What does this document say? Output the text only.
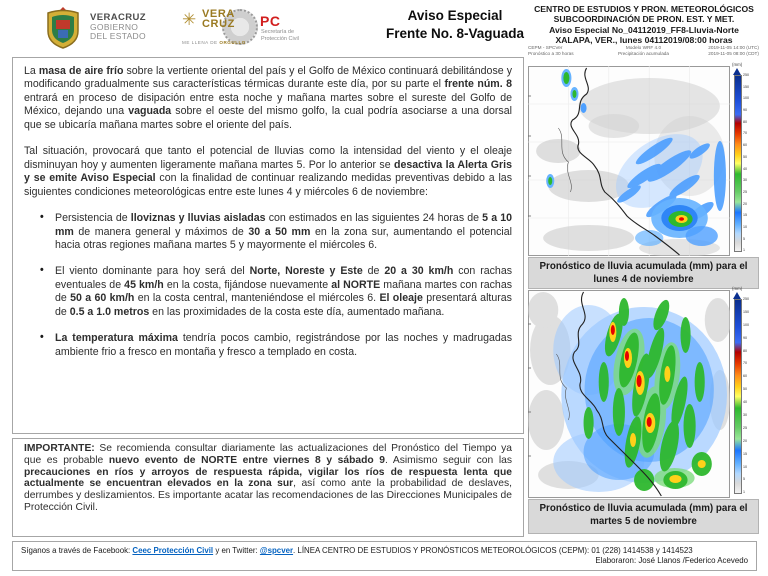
VERACRUZ
GOBIERNO
DEL ESTADO
PC
Secretaría de
Protección Civil
✳ VERA
CRUZ
ME LLENA DE ORGULLO
Aviso Especial
Frente No. 8-Vaguada
CENTRO DE ESTUDIOS Y PRON. METEOROLÓGICOS
SUBCOORDINACIÓN DE PRON. EST. Y MET.
Aviso Especial No_04112019_FF8-Lluvia-Norte
XALAPA, VER., lunes 04112019/08:00 horas

La masa de aire frío sobre la vertiente oriental del país y el Golfo de México continuará debilitándose y modificando gradualmente sus características térmicas durante este día, por su parte el frente núm. 8 entrará en proceso de disipación entre esta noche y mañana martes sobre el sureste del Golfo de México, dejando una vaguada sobre el oeste del mismo golfo, la cual podría asociarse a una dorsal que se ubicaría mañana martes sobre el oriente del país.

Tal situación, provocará que tanto el potencial de lluvias como la intensidad del viento y el oleaje disminuyan hoy y aumenten ligeramente mañana martes 5. Por lo anterior se desactiva la Alerta Gris y se emite Aviso Especial con la finalidad de continuar realizando medidas preventivas debido a las siguientes condiciones meteorológicas entre este lunes 4 y miércoles 6 de noviembre:

• Persistencia de lloviznas y lluvias aisladas con estimados en las siguientes 24 horas de 5 a 10 mm de manera general y máximos de 30 a 50 mm en la zona sur, aumentando el potencial hacia otras regiones mañana martes 5 y mayormente el miércoles 6.
• El viento dominante para hoy será del Norte, Noreste y Este de 20 a 30 km/h con rachas eventuales de 45 km/h en la costa, fijándose nuevamente al NORTE mañana martes con rachas de 50 a 60 km/h en la costa central, manteniéndose el miércoles 6. El oleaje presentará alturas de 0.5 a 1.0 metros en las proximidades de la costa este día, aumentado mañana.
• La temperatura máxima tendría pocos cambio, registrándose por las noches y madrugadas ambiente frio a fresco en montaña y fresco a templado en costa.

IMPORTANTE: Se recomienda consultar diariamente las actualizaciones del Pronóstico del Tiempo ya que es probable nuevo evento de NORTE entre viernes 8 y sábado 9. Asimismo seguir con las precauciones en ríos y arroyos de respuesta rápida, vigilar los ríos de respuesta lenta que actualmente se encuentran elevados en la zona sur, así como ante la probabilidad de deslaves, derrumbes y deslizamientos. Es importante acatar las recomendaciones de las Direcciones Municipales de Protección Civil.

Síganos a través de Facebook: Ceec Protección Civil y en Twitter: @spcver. LÍNEA CENTRO DE ESTUDIOS Y PRONÓSTICOS METEOROLÓGICOS (CEPM): 01 (228) 1414538 y 1414523
Elaboraron: José Llanos /Federico Acevedo
CEPM - SPCVer
Pronóstico a 30 horas
Modelo WRF 4.0
Precipitación acumulada
2019-11-05 14:00 (UTC)
2019-11-05 08:00 (CDT)
(mm)
250
150
100
90
80
70
60
50
40
30
25
20
15
10
5
1
Pronóstico de lluvia acumulada (mm) para el lunes 4 de noviembre
(mm)
250
150
100
90
80
70
60
50
40
30
25
20
15
10
5
1
Pronóstico de lluvia acumulada (mm) para el martes 5 de noviembre
